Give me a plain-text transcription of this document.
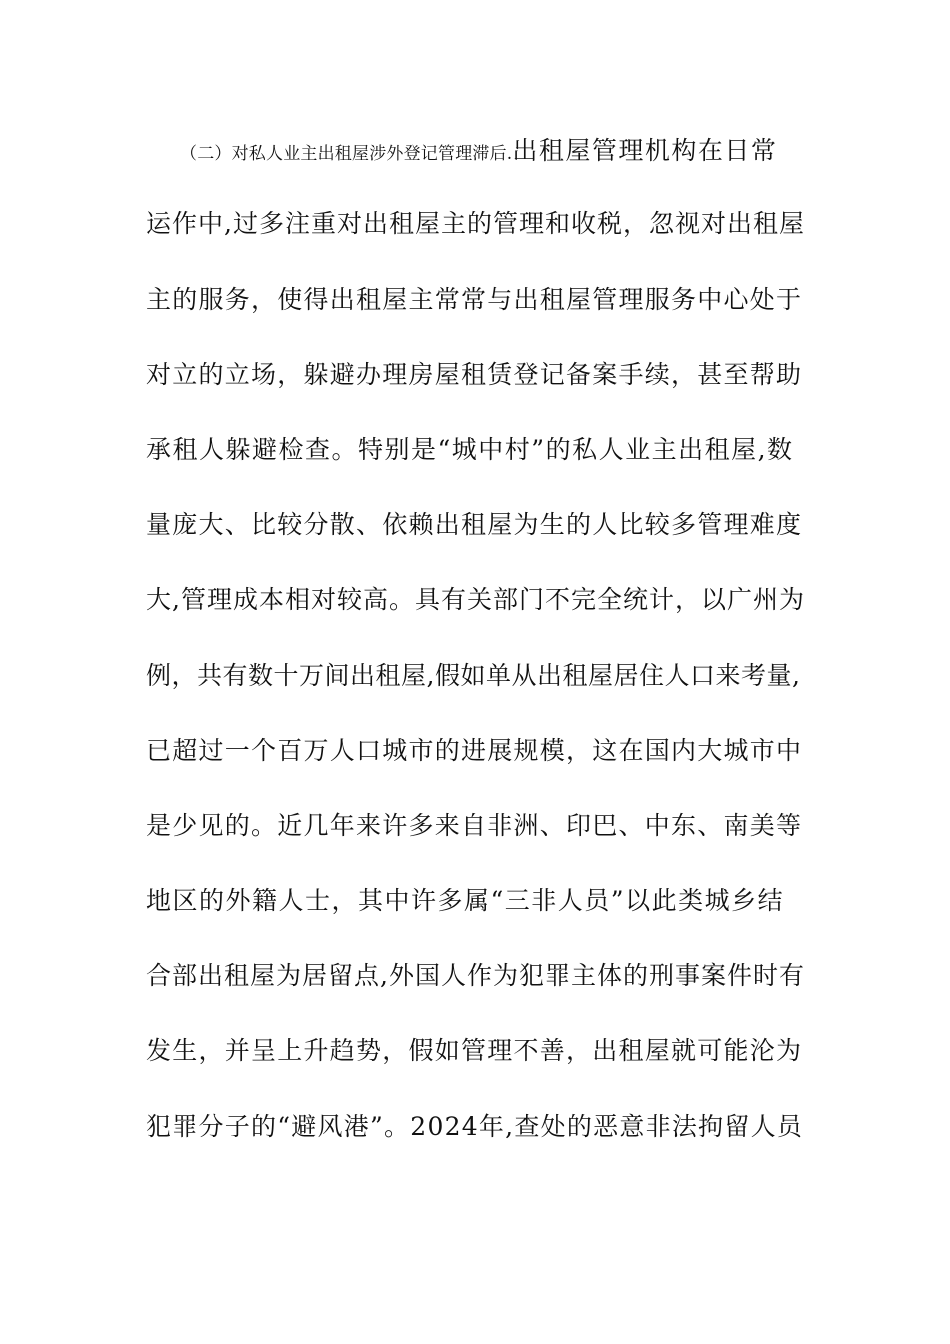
（二）对私人业主出租屋涉外登记管理滞后.出租屋管理机构在日常
运作中,过多注重对出租屋主的管理和收税，忽视对出租屋
主的服务，使得出租屋主常常与出租屋管理服务中心处于
对立的立场，躲避办理房屋租赁登记备案手续，甚至帮助
承租人躲避检查。特别是“城中村”的私人业主出租屋,数
量庞大、比较分散、依赖出租屋为生的人比较多管理难度
大,管理成本相对较高。具有关部门不完全统计，以广州为
例，共有数十万间出租屋,假如单从出租屋居住人口来考量,
已超过一个百万人口城市的进展规模，这在国内大城市中
是少见的。近几年来许多来自非洲、印巴、中东、南美等
地区的外籍人士，其中许多属“三非人员”以此类城乡结
合部出租屋为居留点,外国人作为犯罪主体的刑事案件时有
发生，并呈上升趋势，假如管理不善，出租屋就可能沦为
犯罪分子的“避风港”。2024年,查处的恶意非法拘留人员
